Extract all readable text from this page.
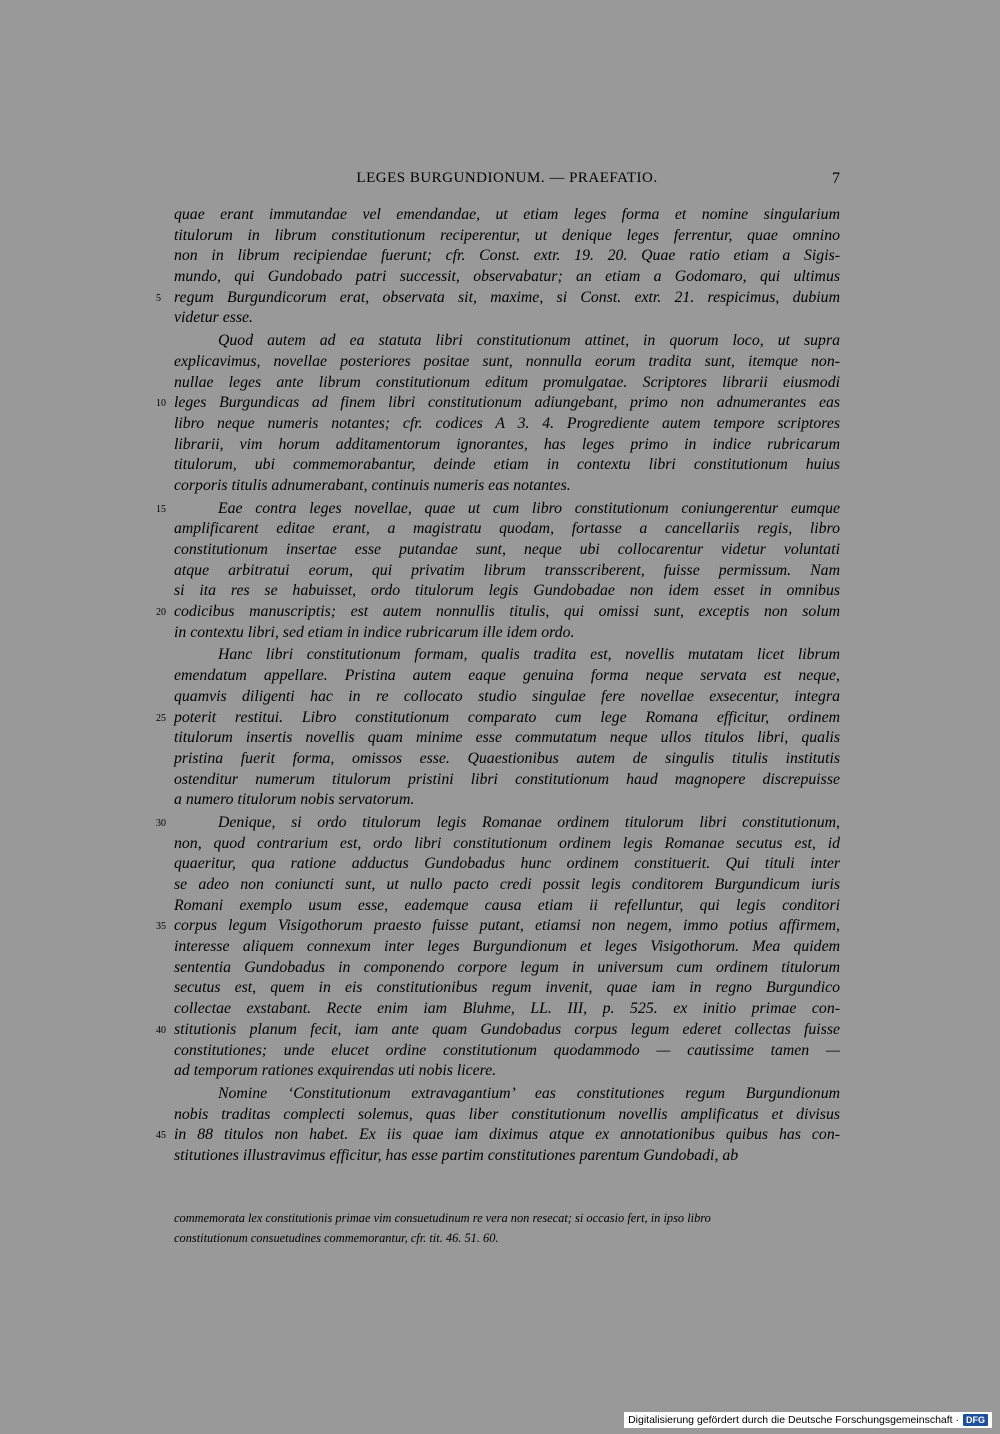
LEGES BURGUNDIONUM. — PRAEFATIO.	7
quae erant immutandae vel emendandae, ut etiam leges forma et nomine singularium
titulorum in librum constitutionum reciperentur, ut denique leges ferrentur, quae omnino
non in librum recipiendae fuerunt; cfr. Const. extr. 19. 20. Quae ratio etiam a Sigis-
mundo, qui Gundobado patri successit, observabatur; an etiam a Godomaro, qui ultimus
regum Burgundicorum erat, observata sit, maxime, si Const. extr. 21. respicimus, dubium
5
videtur esse.
Quod autem ad ea statuta libri constitutionum attinet, in quorum loco, ut supra
explicavimus, novellae posteriores positae sunt, nonnulla eorum tradita sunt, itemque non-
nullae leges ante librum constitutionum editum promulgatae. Scriptores librarii eiusmodi
leges Burgundicas ad finem libri constitutionum adiungebant, primo non adnumerantes eas
10
libro neque numeris notantes; cfr. codices A 3. 4. Progrediente autem tempore scriptores
librarii, vim horum additamentorum ignorantes, has leges primo in indice rubricarum
titulorum, ubi commemorabantur, deinde etiam in contextu libri constitutionum huius
corporis titulis adnumerabant, continuis numeris eas notantes.
Eae contra leges novellae, quae ut cum libro constitutionum coniungerentur eumque
15
amplificarent editae erant, a magistratu quodam, fortasse a cancellariis regis, libro
constitutionum insertae esse putandae sunt, neque ubi collocarentur videtur voluntati
atque arbitratui eorum, qui privatim librum transscriberent, fuisse permissum. Nam
si ita res se habuisset, ordo titulorum legis Gundobadae non idem esset in omnibus
codicibus manuscriptis; est autem nonnullis titulis, qui omissi sunt, exceptis non solum
20
in contextu libri, sed etiam in indice rubricarum ille idem ordo.
Hanc libri constitutionum formam, qualis tradita est, novellis mutatam licet librum
emendatum appellare. Pristina autem eaque genuina forma neque servata est neque,
quamvis diligenti hac in re collocato studio singulae fere novellae exsecentur, integra
poterit restitui. Libro constitutionum comparato cum lege Romana efficitur, ordinem
25
titulorum insertis novellis quam minime esse commutatum neque ullos titulos libri, qualis
pristina fuerit forma, omissos esse. Quaestionibus autem de singulis titulis institutis
ostenditur numerum titulorum pristini libri constitutionum haud magnopere discrepuisse
a numero titulorum nobis servatorum.
Denique, si ordo titulorum legis Romanae ordinem titulorum libri constitutionum,
30
non, quod contrarium est, ordo libri constitutionum ordinem legis Romanae secutus est, id
quaeritur, qua ratione adductus Gundobadus hunc ordinem constituerit. Qui tituli inter
se adeo non coniuncti sunt, ut nullo pacto credi possit legis conditorem Burgundicum iuris
Romani exemplo usum esse, eademque causa etiam ii refelluntur, qui legis conditori
corpus legum Visigothorum praesto fuisse putant, etiamsi non negem, immo potius affirmem,
35
interesse aliquem connexum inter leges Burgundionum et leges Visigothorum. Mea quidem
sententia Gundobadus in componendo corpore legum in universum cum ordinem titulorum
secutus est, quem in eis constitutionibus regum invenit, quae iam in regno Burgundico
collectae exstabant. Recte enim iam Bluhme, LL. III, p. 525. ex initio primae con-
stitutionis planum fecit, iam ante quam Gundobadus corpus legum ederet collectas fuisse
40
constitutiones; unde elucet ordine constitutionum quodammodo — cautissime tamen —
ad temporum rationes exquirendas uti nobis licere.
Nomine ‘Constitutionum extravagantium’ eas constitutiones regum Burgundionum
nobis traditas complecti solemus, quas liber constitutionum novellis amplificatus et divisus
in 88 titulos non habet. Ex iis quae iam diximus atque ex annotationibus quibus has con-
45
stitutiones illustravimus efficitur, has esse partim constitutiones parentum Gundobadi, ab
commemorata lex constitutionis primae vim consuetudinum re vera non resecat; si occasio fert, in ipso libro
constitutionum consuetudines commemorantur, cfr. tit. 46. 51. 60.
Digitalisierung gefördert durch die Deutsche Forschungsgemeinschaft · DFG
